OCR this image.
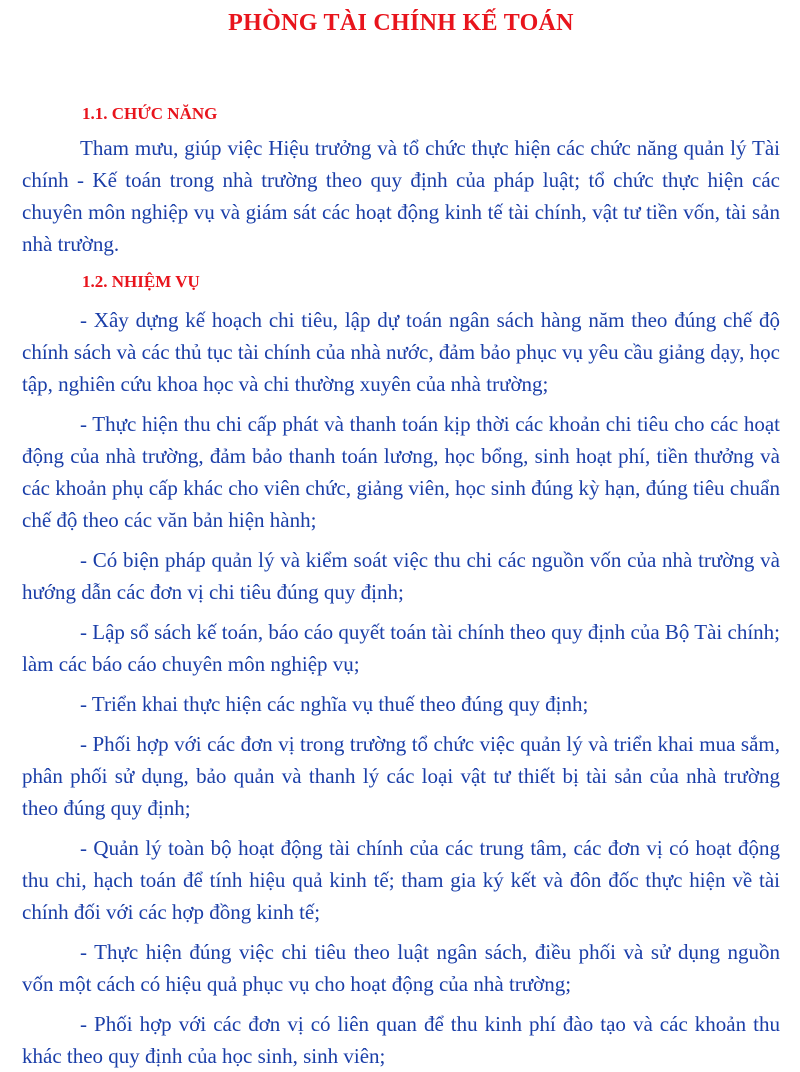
PHÒNG TÀI CHÍNH KẾ TOÁN
1.1. CHỨC NĂNG

Tham mưu, giúp việc Hiệu trưởng và tổ chức thực hiện các chức năng quản lý Tài chính - Kế toán trong nhà trường theo quy định của pháp luật; tổ chức thực hiện các chuyên môn nghiệp vụ và giám sát các hoạt động kinh tế tài chính, vật tư tiền vốn, tài sản nhà trường.

1.2. NHIỆM VỤ

- Xây dựng kế hoạch chi tiêu, lập dự toán ngân sách hàng năm theo đúng chế độ chính sách và các thủ tục tài chính của nhà nước, đảm bảo phục vụ yêu cầu giảng dạy, học tập, nghiên cứu khoa học và chi thường xuyên của nhà trường;

- Thực hiện thu chi cấp phát và thanh toán kịp thời các khoản chi tiêu cho các hoạt động của nhà trường, đảm bảo thanh toán lương, học bổng, sinh hoạt phí, tiền thưởng và các khoản phụ cấp khác cho viên chức, giảng viên, học sinh đúng kỳ hạn, đúng tiêu chuẩn chế độ theo các văn bản hiện hành;

- Có biện pháp quản lý và kiểm soát việc thu chi các nguồn vốn của nhà trường và hướng dẫn các đơn vị chi tiêu đúng quy định;

- Lập sổ sách kế toán, báo cáo quyết toán tài chính theo quy định của Bộ Tài chính; làm các báo cáo chuyên môn nghiệp vụ;

- Triển khai thực hiện các nghĩa vụ thuế theo đúng quy định;

- Phối hợp với các đơn vị trong trường tổ chức việc quản lý và triển khai mua sắm, phân phối sử dụng, bảo quản và thanh lý các loại vật tư thiết bị tài sản của nhà trường theo đúng quy định;

- Quản lý toàn bộ hoạt động tài chính của các trung tâm, các đơn vị có hoạt động thu chi, hạch toán để tính hiệu quả kinh tế; tham gia ký kết và đôn đốc thực hiện về tài chính đối với các hợp đồng kinh tế;

- Thực hiện đúng việc chi tiêu theo luật ngân sách, điều phối và sử dụng nguồn vốn một cách có hiệu quả phục vụ cho hoạt động của nhà trường;

- Phối hợp với các đơn vị có liên quan để thu kinh phí đào tạo và các khoản thu khác theo quy định của học sinh, sinh viên;
